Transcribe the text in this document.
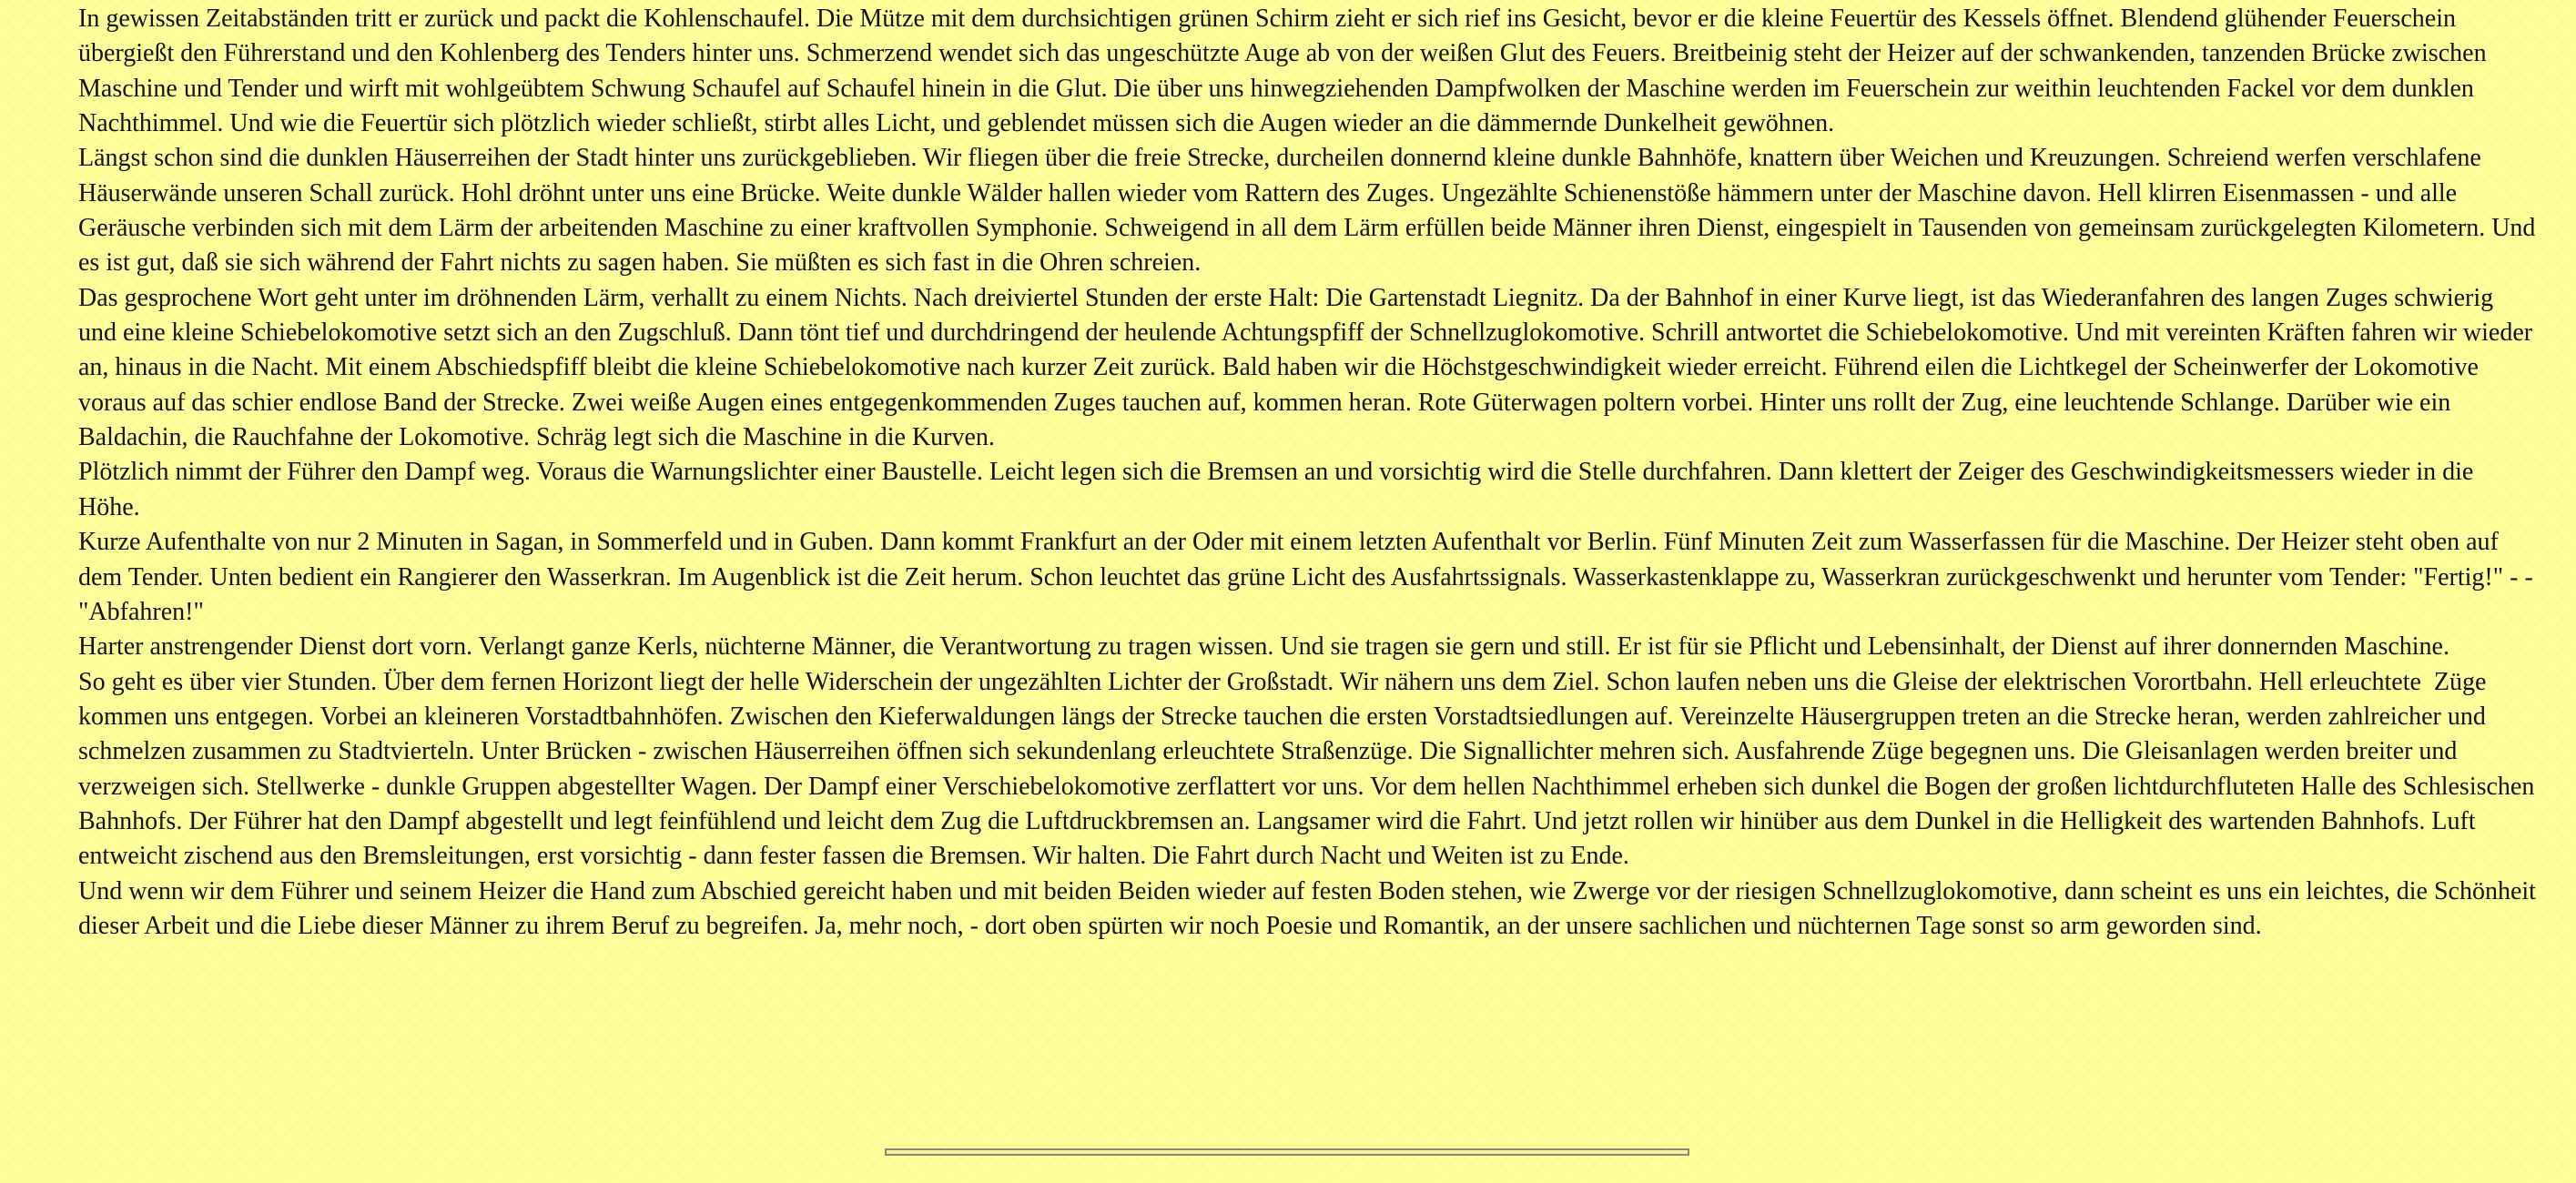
In gewissen Zeitabständen tritt er zurück und packt die Kohlenschaufel. Die Mütze mit dem durchsichtigen grünen Schirm zieht er sich rief ins Gesicht, bevor er die kleine Feuertür des Kessels öffnet. Blendend glühender Feuerschein übergießt den Führerstand und den Kohlenberg des Tenders hinter uns. Schmerzend wendet sich das ungeschützte Auge ab von der weißen Glut des Feuers. Breitbeinig steht der Heizer auf der schwankenden, tanzenden Brücke zwischen Maschine und Tender und wirft mit wohlgeübtem Schwung Schaufel auf Schaufel hinein in die Glut. Die über uns hinwegziehenden Dampfwolken der Maschine werden im Feuerschein zur weithin leuchtenden Fackel vor dem dunklen Nachthimmel. Und wie die Feuertür sich plötzlich wieder schließt, stirbt alles Licht, und geblendet müssen sich die Augen wieder an die dämmernde Dunkelheit gewöhnen.

Längst schon sind die dunklen Häuserreihen der Stadt hinter uns zurückgeblieben. Wir fliegen über die freie Strecke, durcheilen donnernd kleine dunkle Bahnhöfe, knattern über Weichen und Kreuzungen. Schreiend werfen verschlafene Häuserwände unseren Schall zurück. Hohl dröhnt unter uns eine Brücke. Weite dunkle Wälder hallen wieder vom Rattern des Zuges. Ungezählte Schienenstöße hämmern unter der Maschine davon. Hell klirren Eisenmassen - und alle Geräusche verbinden sich mit dem Lärm der arbeitenden Maschine zu einer kraftvollen Symphonie. Schweigend in all dem Lärm erfüllen beide Männer ihren Dienst, eingespielt in Tausenden von gemeinsam zurückgelegten Kilometern. Und es ist gut, daß sie sich während der Fahrt nichts zu sagen haben. Sie müßten es sich fast in die Ohren schreien.

Das gesprochene Wort geht unter im dröhnenden Lärm, verhallt zu einem Nichts. Nach dreiviertel Stunden der erste Halt: Die Gartenstadt Liegnitz. Da der Bahnhof in einer Kurve liegt, ist das Wiederanfahren des langen Zuges schwierig und eine kleine Schiebelokomotive setzt sich an den Zugschluß. Dann tönt tief und durchdringend der heulende Achtungspfiff der Schnellzuglokomotive. Schrill antwortet die Schiebelokomotive. Und mit vereinten Kräften fahren wir wieder an, hinaus in die Nacht. Mit einem Abschiedspfiff bleibt die kleine Schiebelokomotive nach kurzer Zeit zurück. Bald haben wir die Höchstgeschwindigkeit wieder erreicht. Führend eilen die Lichtkegel der Scheinwerfer der Lokomotive voraus auf das schier endlose Band der Strecke. Zwei weiße Augen eines entgegenkommenden Zuges tauchen auf, kommen heran. Rote Güterwagen poltern vorbei. Hinter uns rollt der Zug, eine leuchtende Schlange. Darüber wie ein Baldachin, die Rauchfahne der Lokomotive. Schräg legt sich die Maschine in die Kurven.

Plötzlich nimmt der Führer den Dampf weg. Voraus die Warnungslichter einer Baustelle. Leicht legen sich die Bremsen an und vorsichtig wird die Stelle durchfahren. Dann klettert der Zeiger des Geschwindigkeitsmessers wieder in die Höhe.

Kurze Aufenthalte von nur 2 Minuten in Sagan, in Sommerfeld und in Guben. Dann kommt Frankfurt an der Oder mit einem letzten Aufenthalt vor Berlin. Fünf Minuten Zeit zum Wasserfassen für die Maschine. Der Heizer steht oben auf dem Tender. Unten bedient ein Rangierer den Wasserkran. Im Augenblick ist die Zeit herum. Schon leuchtet das grüne Licht des Ausfahrtssignals. Wasserkastenklappe zu, Wasserkran zurückgeschwenkt und herunter vom Tender: "Fertig!" - - "Abfahren!"

Harter anstrengender Dienst dort vorn. Verlangt ganze Kerls, nüchterne Männer, die Verantwortung zu tragen wissen. Und sie tragen sie gern und still. Er ist für sie Pflicht und Lebensinhalt, der Dienst auf ihrer donnernden Maschine.

So geht es über vier Stunden. Über dem fernen Horizont liegt der helle Widerschein der ungezählten Lichter der Großstadt. Wir nähern uns dem Ziel. Schon laufen neben uns die Gleise der elektrischen Vorortbahn. Hell erleuchtete  Züge kommen uns entgegen. Vorbei an kleineren Vorstadtbahnhöfen. Zwischen den Kieferwaldungen längs der Strecke tauchen die ersten Vorstadtsiedlungen auf. Vereinzelte Häusergruppen treten an die Strecke heran, werden zahlreicher und schmelzen zusammen zu Stadtvierteln. Unter Brücken - zwischen Häuserreihen öffnen sich sekundenlang erleuchtete Straßenzüge. Die Signallichter mehren sich. Ausfahrende Züge begegnen uns. Die Gleisanlagen werden breiter und verzweigen sich. Stellwerke - dunkle Gruppen abgestellter Wagen. Der Dampf einer Verschiebelokomotive zerflattert vor uns. Vor dem hellen Nachthimmel erheben sich dunkel die Bogen der großen lichtdurchfluteten Halle des Schlesischen Bahnhofs. Der Führer hat den Dampf abgestellt und legt feinfühlend und leicht dem Zug die Luftdruckbremsen an. Langsamer wird die Fahrt. Und jetzt rollen wir hinüber aus dem Dunkel in die Helligkeit des wartenden Bahnhofs. Luft entweicht zischend aus den Bremsleitungen, erst vorsichtig - dann fester fassen die Bremsen. Wir halten. Die Fahrt durch Nacht und Weiten ist zu Ende.

Und wenn wir dem Führer und seinem Heizer die Hand zum Abschied gereicht haben und mit beiden Beiden wieder auf festen Boden stehen, wie Zwerge vor der riesigen Schnellzuglokomotive, dann scheint es uns ein leichtes, die Schönheit dieser Arbeit und die Liebe dieser Männer zu ihrem Beruf zu begreifen. Ja, mehr noch, - dort oben spürten wir noch Poesie und Romantik, an der unsere sachlichen und nüchternen Tage sonst so arm geworden sind.
